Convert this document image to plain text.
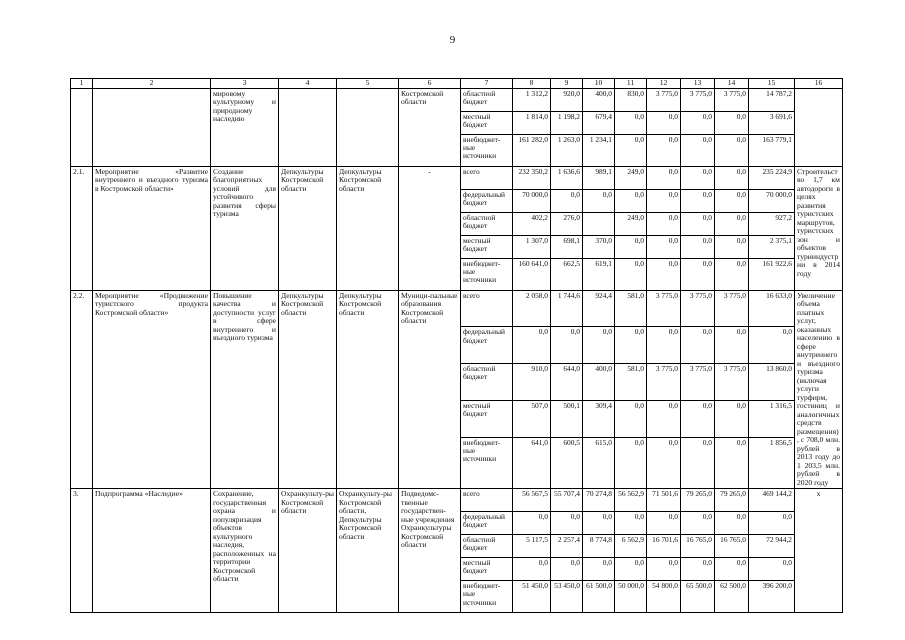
9
1	2	3	4	5	6	7	8	9	10	11	12	13	14	15	16
		мировому культурному и природному наследию			Костромской области	областной бюджет	1 312,2	920,0	400,0	830,0	3 775,0	3 775,0	3 775,0	14 787,2	
						местный бюджет	1 814,0	1 198,2	679,4	0,0	0,0	0,0	0,0	3 691,6	
						внебюджет-ные источники	161 282,0	1 263,0	1 234,1	0,0	0,0	0,0	0,0	163 779,1	
2.1.	Мероприятие «Развитие внутреннего и въездного туризма в Костромской области»	Создание благоприятных условий для устойчивого развития сферы туризма	Депкультуры Костромской области	Депкультуры Костромской области	-	всего	232 350,2	1 636,6	989,1	249,0	0,0	0,0	0,0	235 224,9	Строительство 1,7 км автодороги в целях развития туристских маршрутов, туристских зон и объектов турииндустрии в 2014 году
						федеральный бюджет	70 000,0	0,0	0,0	0,0	0,0	0,0	0,0	70 000,0	
						областной бюджет	402,2	276,0		249,0	0,0	0,0	0,0	927,2	
						местный бюджет	1 307,0	698,1	370,0	0,0	0,0	0,0	0,0	2 375,1	
						внебюджет-ные источники	160 641,0	662,5	619,1	0,0	0,0	0,0	0,0	161 922,6	
2.2.	Мероприятие «Продвижение туристского продукта Костромской области»	Повышение качества и доступности услуг в сфере внутреннего и въездного туризма	Депкультуры Костромской области	Депкультуры Костромской области	Муници-пальные образования Костромской области	всего	2 058,0	1 744,6	924,4	581,0	3 775,0	3 775,0	3 775,0	16 633,0	Увеличение объема платных услуг, оказанных населению в сфере внутреннего и въездного туризма (включая услуги турфирм, гостиниц и аналогичных средств размещения), с 708,0 млн. рублей в 2013 году до 1 203,5 млн. рублей в 2020 году
						федеральный бюджет	0,0	0,0	0,0	0,0	0,0	0,0	0,0	0,0	
						областной бюджет	910,0	644,0	400,0	581,0	3 775,0	3 775,0	3 775,0	13 860,0	
						местный бюджет	507,0	500,1	309,4	0,0	0,0	0,0	0,0	1 316,5	
						внебюджет-ные источники	641,0	600,5	615,0	0,0	0,0	0,0	0,0	1 856,5	
3.	Подпрограмма «Наследие»	Сохранение, государственная охрана и популяризация объектов культурного наследия, расположенных на территории Костромской области	Охранкульту-ры Костромской области	Охранкульту-ры Костромской области, Депкультуры Костромской области	Подведомс-твенные государствен-ные учреждения Охранкультуры Костромской области	всего	56 567,5	55 707,4	70 274,8	56 562,9	71 501,6	79 265,0	79 265,0	469 144,2	х
						федеральный бюджет	0,0	0,0	0,0	0,0	0,0	0,0	0,0	0,0	
						областной бюджет	5 117,5	2 257,4	8 774,8	6 562,9	16 701,6	16 765,0	16 765,0	72 944,2	
						местный бюджет	0,0	0,0	0,0	0,0	0,0	0,0	0,0	0,0	
						внебюджет-ные источники	51 450,0	53 450,0	61 500,0	50 000,0	54 800,0	65 500,0	62 500,0	396 200,0	
